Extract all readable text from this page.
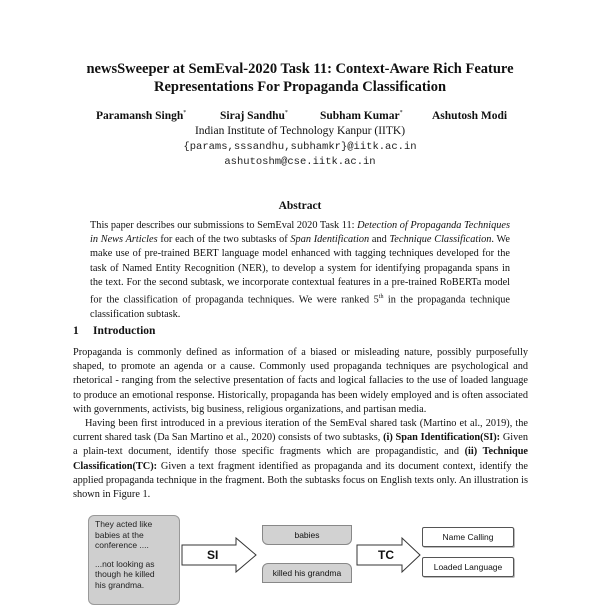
newsSweeper at SemEval-2020 Task 11: Context-Aware Rich Feature
Representations For Propaganda Classification
Paramansh Singh*	Siraj Sandhu*	Subham Kumar*	Ashutosh Modi
Indian Institute of Technology Kanpur (IITK)
{params,sssandhu,subhamkr}@iitk.ac.in
ashutoshm@cse.iitk.ac.in
Abstract

This paper describes our submissions to SemEval 2020 Task 11: Detection of Propaganda Techniques in News Articles for each of the two subtasks of Span Identification and Technique Classification. We make use of pre-trained BERT language model enhanced with tagging techniques developed for the task of Named Entity Recognition (NER), to develop a system for identifying propaganda spans in the text. For the second subtask, we incorporate contextual features in a pre-trained RoBERTa model for the classification of propaganda techniques. We were ranked 5th in the propaganda technique classification subtask.

1 Introduction

Propaganda is commonly defined as information of a biased or misleading nature, possibly purposefully shaped, to promote an agenda or a cause. Commonly used propaganda techniques are psychological and rhetorical - ranging from the selective presentation of facts and logical fallacies to the use of loaded language to produce an emotional response. Historically, propaganda has been widely employed and is often associated with governments, activists, big business, religious organizations, and partisan media.

Having been first introduced in a previous iteration of the SemEval shared task (Martino et al., 2019), the current shared task (Da San Martino et al., 2020) consists of two subtasks, (i) Span Identification(SI): Given a plain-text document, identify those specific fragments which are propagandistic, and (ii) Technique Classification(TC): Given a text fragment identified as propaganda and its document context, identify the applied propaganda technique in the fragment. Both the subtasks focus on English texts only. An illustration is shown in Figure 1.

They acted like
babies at the
conference ....
...not looking as
though he killed
his grandma.
SI	TC
babies
killed his grandma
Name Calling
Loaded Language
